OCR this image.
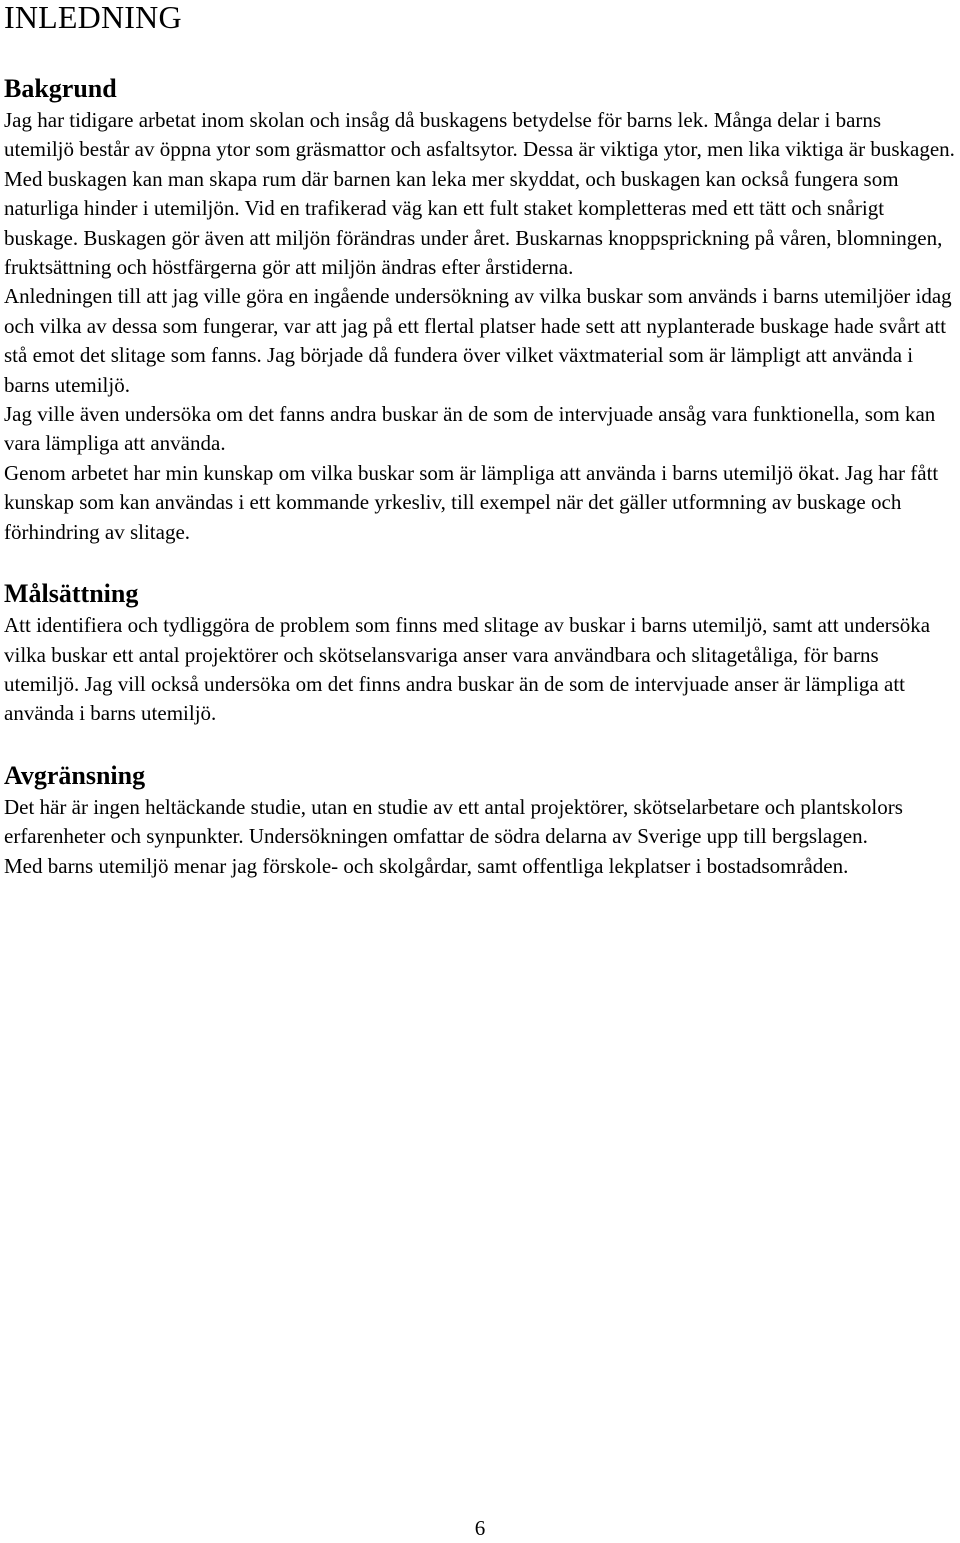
INLEDNING
Bakgrund

Jag har tidigare arbetat inom skolan och insåg då buskagens betydelse för barns lek. Många delar i barns utemiljö består av öppna ytor som gräsmattor och asfaltsytor. Dessa är viktiga ytor, men lika viktiga är buskagen. Med buskagen kan man skapa rum där barnen kan leka mer skyddat, och buskagen kan också fungera som naturliga hinder i utemiljön. Vid en trafikerad väg kan ett fult staket kompletteras med ett tätt och snårigt buskage. Buskagen gör även att miljön förändras under året. Buskarnas knoppsprickning på våren, blomningen, fruktsättning och höstfärgerna gör att miljön ändras efter årstiderna.

Anledningen till att jag ville göra en ingående undersökning av vilka buskar som används i barns utemiljöer idag och vilka av dessa som fungerar, var att jag på ett flertal platser hade sett att nyplanterade buskage hade svårt att stå emot det slitage som fanns. Jag började då fundera över vilket växtmaterial som är lämpligt att använda i barns utemiljö.

Jag ville även undersöka om det fanns andra buskar än de som de intervjuade ansåg vara funktionella, som kan vara lämpliga att använda.

Genom arbetet har min kunskap om vilka buskar som är lämpliga att använda i barns utemiljö ökat. Jag har fått kunskap som kan användas i ett kommande yrkesliv, till exempel när det gäller utformning av buskage och förhindring av slitage.

Målsättning

Att identifiera och tydliggöra de problem som finns med slitage av buskar i barns utemiljö, samt att undersöka vilka buskar ett antal projektörer och skötselansvariga anser vara användbara och slitagetåliga, för barns utemiljö. Jag vill också undersöka om det finns andra buskar än de som de intervjuade anser är lämpliga att använda i barns utemiljö.

Avgränsning

Det här är ingen heltäckande studie, utan en studie av ett antal projektörer, skötselarbetare och plantskolors erfarenheter och synpunkter. Undersökningen omfattar de södra delarna av Sverige upp till bergslagen.

Med barns utemiljö menar jag förskole- och skolgårdar, samt offentliga lekplatser i bostadsområden.

6
